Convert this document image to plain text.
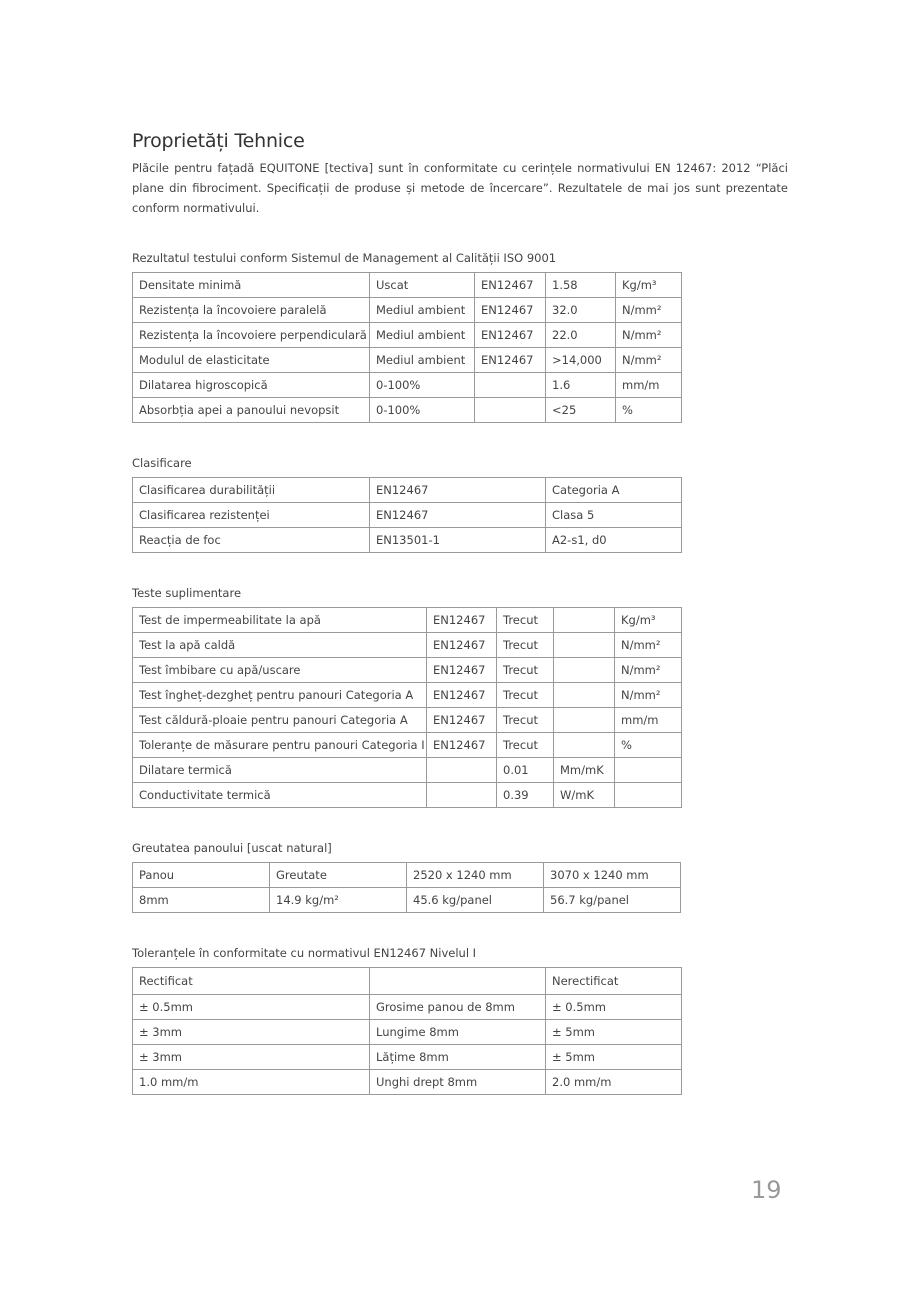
Proprietăți Tehnice

Plăcile pentru fațadă EQUITONE [tectiva] sunt în conformitate cu cerințele normativului EN 12467: 2012 “Plăci plane din fibrociment. Specificații de produse și metode de încercare”. Rezultatele de mai jos sunt prezentate conform normativului.

Rezultatul testului conform Sistemul de Management al Calității ISO 9001
Densitate minimă	Uscat	EN12467	1.58	Kg/m³
Rezistența la încovoiere paralelă	Mediul ambient	EN12467	32.0	N/mm²
Rezistența la încovoiere perpendiculară	Mediul ambient	EN12467	22.0	N/mm²
Modulul de elasticitate	Mediul ambient	EN12467	>14,000	N/mm²
Dilatarea higroscopică	0-100%		1.6	mm/m
Absorbția apei a panoului nevopsit	0-100%		<25	%
Clasificare
Clasificarea durabilității	EN12467	Categoria A
Clasificarea rezistenței	EN12467	Clasa 5
Reacția de foc	EN13501-1	A2-s1, d0
Teste suplimentare
Test de impermeabilitate la apă	EN12467	Trecut		Kg/m³
Test la apă caldă	EN12467	Trecut		N/mm²
Test îmbibare cu apă/uscare	EN12467	Trecut		N/mm²
Test îngheț-dezgheț pentru panouri Categoria A	EN12467	Trecut		N/mm²
Test căldură-ploaie pentru panouri Categoria A	EN12467	Trecut		mm/m
Toleranțe de măsurare pentru panouri Categoria I	EN12467	Trecut		%
Dilatare termică		0.01	Mm/mK	
Conductivitate termică		0.39	W/mK	
Greutatea panoului [uscat natural]
Panou	Greutate	2520 x 1240 mm	3070 x 1240 mm
8mm	14.9 kg/m²	45.6 kg/panel	56.7 kg/panel
Toleranțele în conformitate cu normativul EN12467 Nivelul I
Rectificat		Nerectificat
± 0.5mm	Grosime panou de 8mm	± 0.5mm
± 3mm	Lungime 8mm	± 5mm
± 3mm	Lățime 8mm	± 5mm
1.0 mm/m	Unghi drept 8mm	2.0 mm/m
19
